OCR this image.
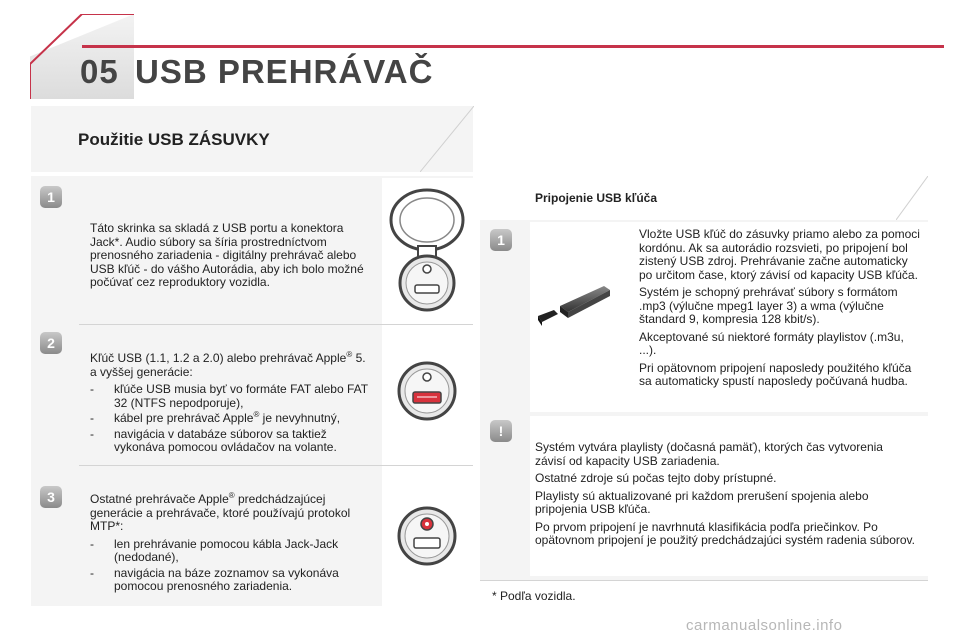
05 USB PREHRÁVAČ
Použitie USB ZÁSUVKY
1

Táto skrinka sa skladá z USB portu a konektora Jack*. Audio súbory sa šíria prostredníctvom prenosného zariadenia - digitálny prehrávač alebo USB kľúč - do vášho Autorádia, aby ich bolo možné počúvať cez reproduktory vozidla.

2

Kľúč USB (1.1, 1.2 a 2.0) alebo prehrávač Apple® 5. a vyššej generácie:

- kľúče USB musia byť vo formáte FAT alebo FAT 32 (NTFS nepodporuje),
- kábel pre prehrávač Apple® je nevyhnutný,
- navigácia v databáze súborov sa taktiež vykonáva pomocou ovládačov na volante.
3	Ostatné prehrávače Apple® predchádzajúcej generácie a prehrávače, ktoré používajú protokol MTP*:

- len prehrávanie pomocou kábla Jack-Jack (nedodané),
- navigácia na báze zoznamov sa vykonáva pomocou prenosného zariadenia.
Pripojenie USB kľúča
1	Vložte USB kľúč do zásuvky priamo alebo za pomoci kordónu. Ak sa autorádio rozsvieti, po pripojení bol zistený USB zdroj. Prehrávanie začne automaticky po určitom čase, ktorý závisí od kapacity USB kľúča.

Systém je schopný prehrávať súbory s formátom .mp3 (výlučne mpeg1 layer 3) a wma (výlučne štandard 9, kompresia 128 kbit/s).

Akceptované sú niektoré formáty playlistov (.m3u, ...).

Pri opätovnom pripojení naposledy použitého kľúča sa automaticky spustí naposledy počúvaná hudba.

!

Systém vytvára playlisty (dočasná pamäť), ktorých čas vytvorenia závisí od kapacity USB zariadenia.

Ostatné zdroje sú počas tejto doby prístupné.

Playlisty sú aktualizované pri každom prerušení spojenia alebo pripojenia USB kľúča.

Po prvom pripojení je navrhnutá klasifikácia podľa priečinkov. Po opätovnom pripojení je použitý predchádzajúci systém radenia súborov.

* Podľa vozidla.
carmanualsonline.info
